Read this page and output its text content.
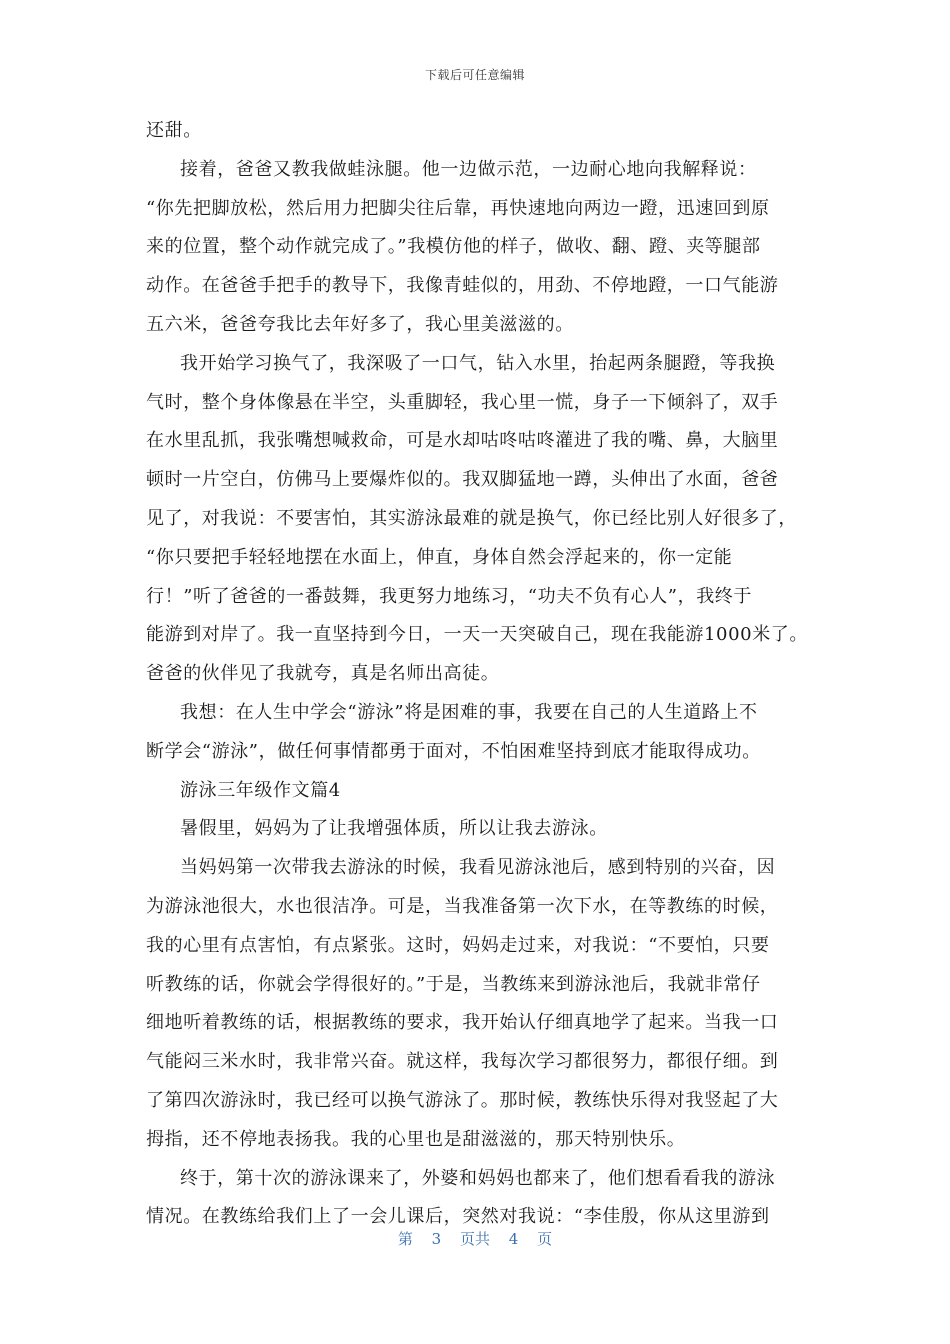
下载后可任意编辑
还甜。
接着，爸爸又教我做蛙泳腿。他一边做示范，一边耐心地向我解释说：
“你先把脚放松，然后用力把脚尖往后靠，再快速地向两边一蹬，迅速回到原
来的位置，整个动作就完成了。”我模仿他的样子，做收、翻、蹬、夹等腿部
动作。在爸爸手把手的教导下，我像青蛙似的，用劲、不停地蹬，一口气能游
五六米，爸爸夸我比去年好多了，我心里美滋滋的。
我开始学习换气了，我深吸了一口气，钻入水里，抬起两条腿蹬，等我换
气时，整个身体像悬在半空，头重脚轻，我心里一慌，身子一下倾斜了，双手
在水里乱抓，我张嘴想喊救命，可是水却咕咚咕咚灌进了我的嘴、鼻，大脑里
顿时一片空白，仿佛马上要爆炸似的。我双脚猛地一蹲，头伸出了水面，爸爸
见了，对我说：不要害怕，其实游泳最难的就是换气，你已经比别人好很多了，
“你只要把手轻轻地摆在水面上，伸直，身体自然会浮起来的，你一定能
行！”听了爸爸的一番鼓舞，我更努力地练习，“功夫不负有心人”，我终于
能游到对岸了。我一直坚持到今日，一天一天突破自己，现在我能游1000米了。
爸爸的伙伴见了我就夸，真是名师出高徒。
我想：在人生中学会“游泳”将是困难的事，我要在自己的人生道路上不
断学会“游泳”，做任何事情都勇于面对，不怕困难坚持到底才能取得成功。
游泳三年级作文篇4
暑假里，妈妈为了让我增强体质，所以让我去游泳。
当妈妈第一次带我去游泳的时候，我看见游泳池后，感到特别的兴奋，因
为游泳池很大，水也很洁净。可是，当我准备第一次下水，在等教练的时候，
我的心里有点害怕，有点紧张。这时，妈妈走过来，对我说：“不要怕，只要
听教练的话，你就会学得很好的。”于是，当教练来到游泳池后，我就非常仔
细地听着教练的话，根据教练的要求，我开始认仔细真地学了起来。当我一口
气能闷三米水时，我非常兴奋。就这样，我每次学习都很努力，都很仔细。到
了第四次游泳时，我已经可以换气游泳了。那时候，教练快乐得对我竖起了大
拇指，还不停地表扬我。我的心里也是甜滋滋的，那天特别快乐。
终于，第十次的游泳课来了，外婆和妈妈也都来了，他们想看看我的游泳
情况。在教练给我们上了一会儿课后，突然对我说：“李佳殷，你从这里游到
第 3 页共 4 页
